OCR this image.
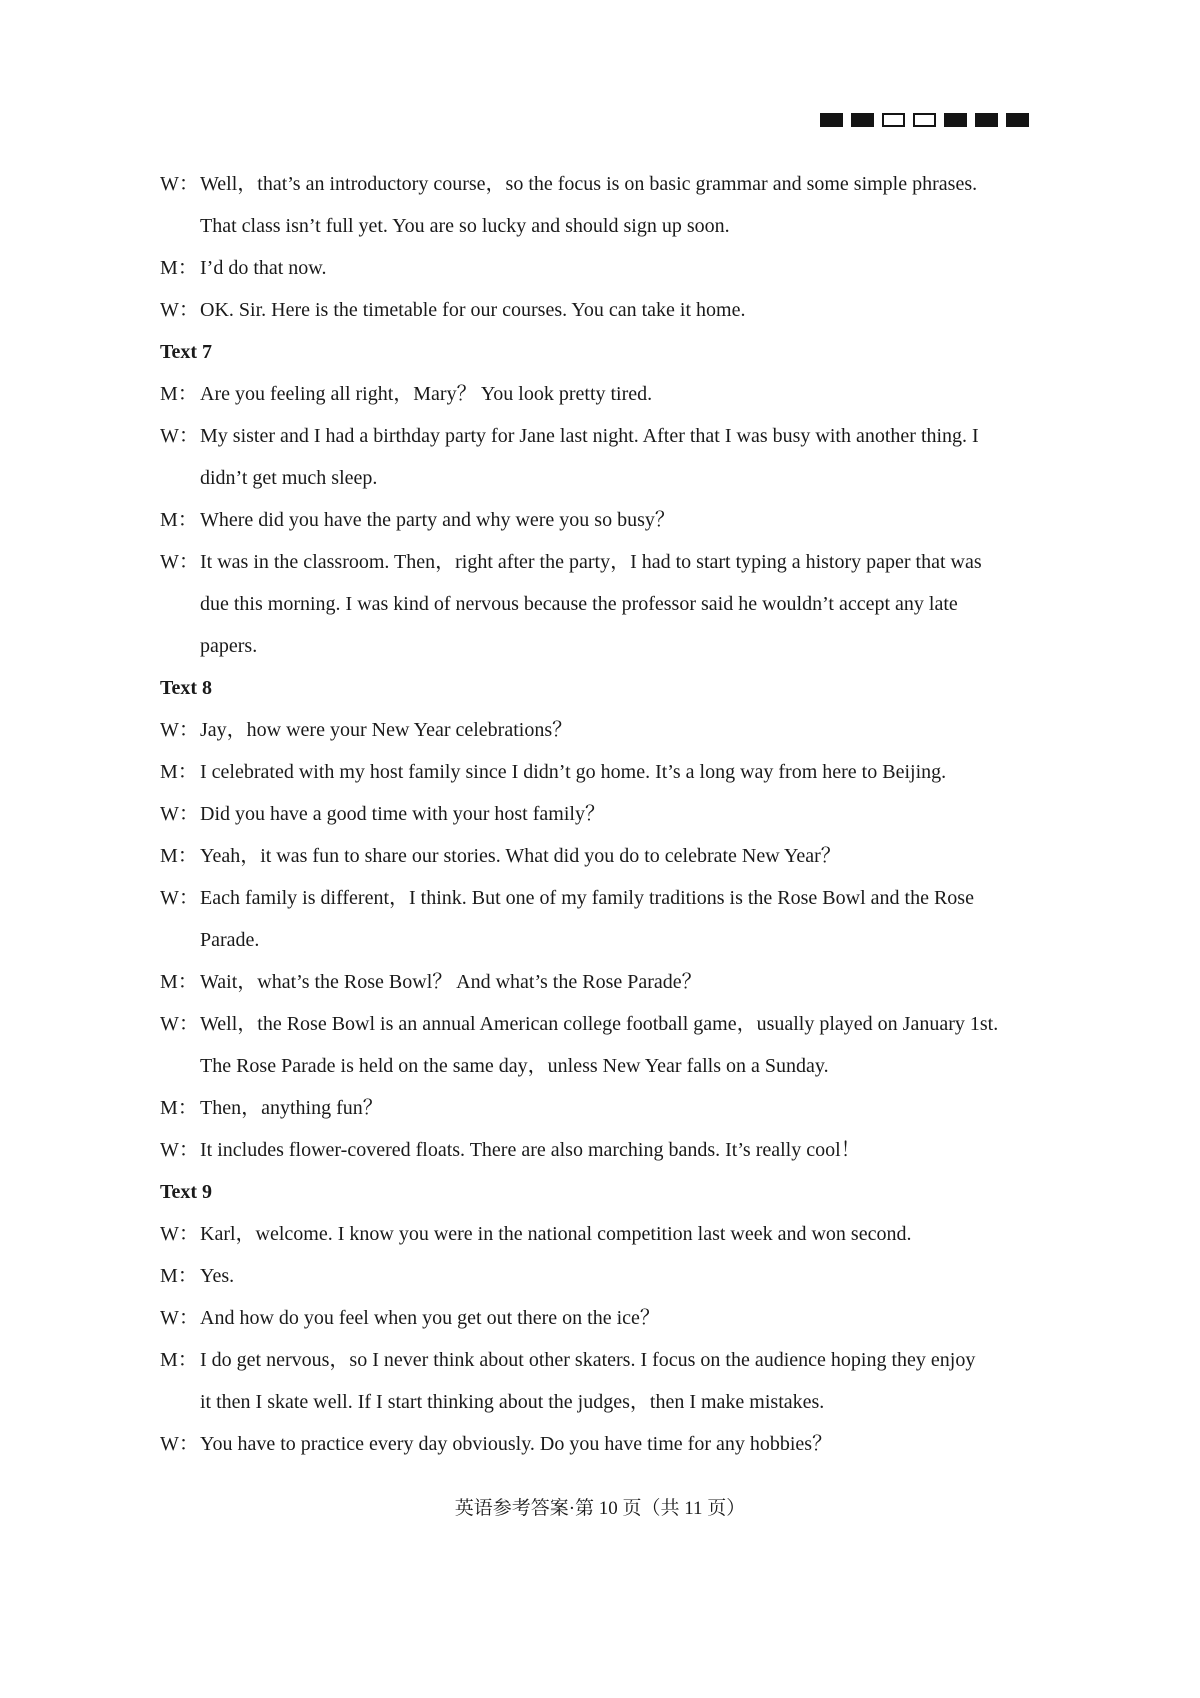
W：Well，that’s an introductory course，so the focus is on basic grammar and some simple phrases.
That class isn’t full yet. You are so lucky and should sign up soon.

M： I’d do that now.

W：OK. Sir. Here is the timetable for our courses. You can take it home.

Text 7

M： Are you feeling all right，Mary？ You look pretty tired.

W：My sister and I had a birthday party for Jane last night. After that I was busy with another thing. I
didn’t get much sleep.

M： Where did you have the party and why were you so busy？

W：It was in the classroom. Then，right after the party，I had to start typing a history paper that was
due this morning. I was kind of nervous because the professor said he wouldn’t accept any late
papers.

Text 8

W：Jay，how were your New Year celebrations？

M： I celebrated with my host family since I didn’t go home. It’s a long way from here to Beijing.

W：Did you have a good time with your host family？

M： Yeah，it was fun to share our stories. What did you do to celebrate New Year？

W：Each family is different，I think. But one of my family traditions is the Rose Bowl and the Rose
Parade.

M： Wait，what’s the Rose Bowl？ And what’s the Rose Parade？

W：Well，the Rose Bowl is an annual American college football game，usually played on January 1st.
The Rose Parade is held on the same day，unless New Year falls on a Sunday.

M： Then，anything fun？

W：It includes flower-covered floats. There are also marching bands. It’s really cool！

Text 9

W：Karl，welcome. I know you were in the national competition last week and won second.

M： Yes.

W：And how do you feel when you get out there on the ice？

M： I do get nervous，so I never think about other skaters. I focus on the audience hoping they enjoy
it then I skate well. If I start thinking about the judges，then I make mistakes.

W：You have to practice every day obviously. Do you have time for any hobbies？

英语参考答案·第 10 页（共 11 页）
